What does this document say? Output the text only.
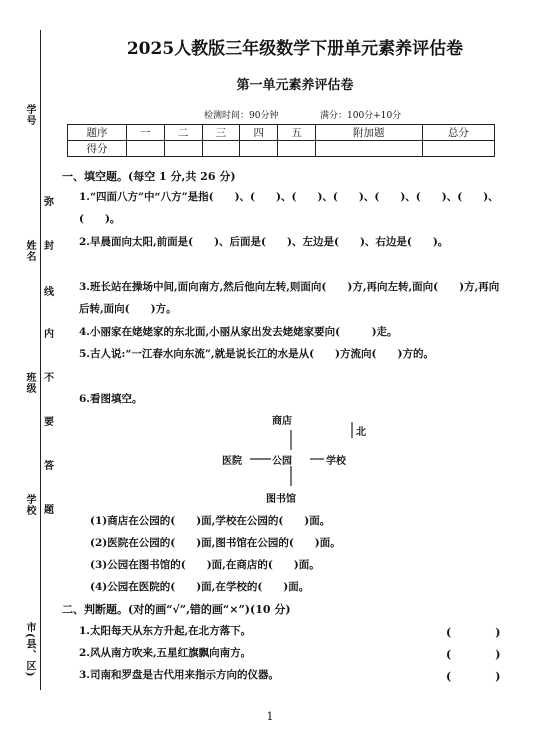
学号
姓名
班级
学校
市(县、区)
弥
封
线
内
不
要
答
题
2025人教版三年级数学下册单元素养评估卷
第一单元素养评估卷
检测时间：90分钟	满分：100分+10分
题序	一	二	三	四	五	附加题	总分
得分							
一、填空题。(每空 1 分,共 26 分)
1.“四面八方”中“八方”是指(　　)、(　　)、(　　)、(　　)、(　　)、(　　)、(　　)、(　　)。
2.早晨面向太阳,前面是(　　)、后面是(　　)、左边是(　　)、右边是(　　)。
3.班长站在操场中间,面向南方,然后他向左转,则面向(　　)方,再向左转,面向(　　)方,再向后转,面向(　　)方。
4.小丽家在姥姥家的东北面,小丽从家出发去姥姥家要向(　　　)走。
5.古人说:“一江春水向东流”,就是说长江的水是从(　　)方流向(　　)方的。
6.看图填空。
商店
医院	公园	学校
图书馆
北
(1)商店在公园的(　　)面,学校在公园的(　　)面。
(2)医院在公园的(　　)面,图书馆在公园的(　　)面。
(3)公园在图书馆的(　　)面,在商店的(　　)面。
(4)公园在医院的(　　)面,在学校的(　　)面。
二、判断题。(对的画“√”,错的画“×”)(10 分)
1.太阳每天从东方升起,在北方落下。	(　　　　)
2.风从南方吹来,五星红旗飘向南方。	(　　　　)
3.司南和罗盘是古代用来指示方向的仪器。	(　　　　)
1
